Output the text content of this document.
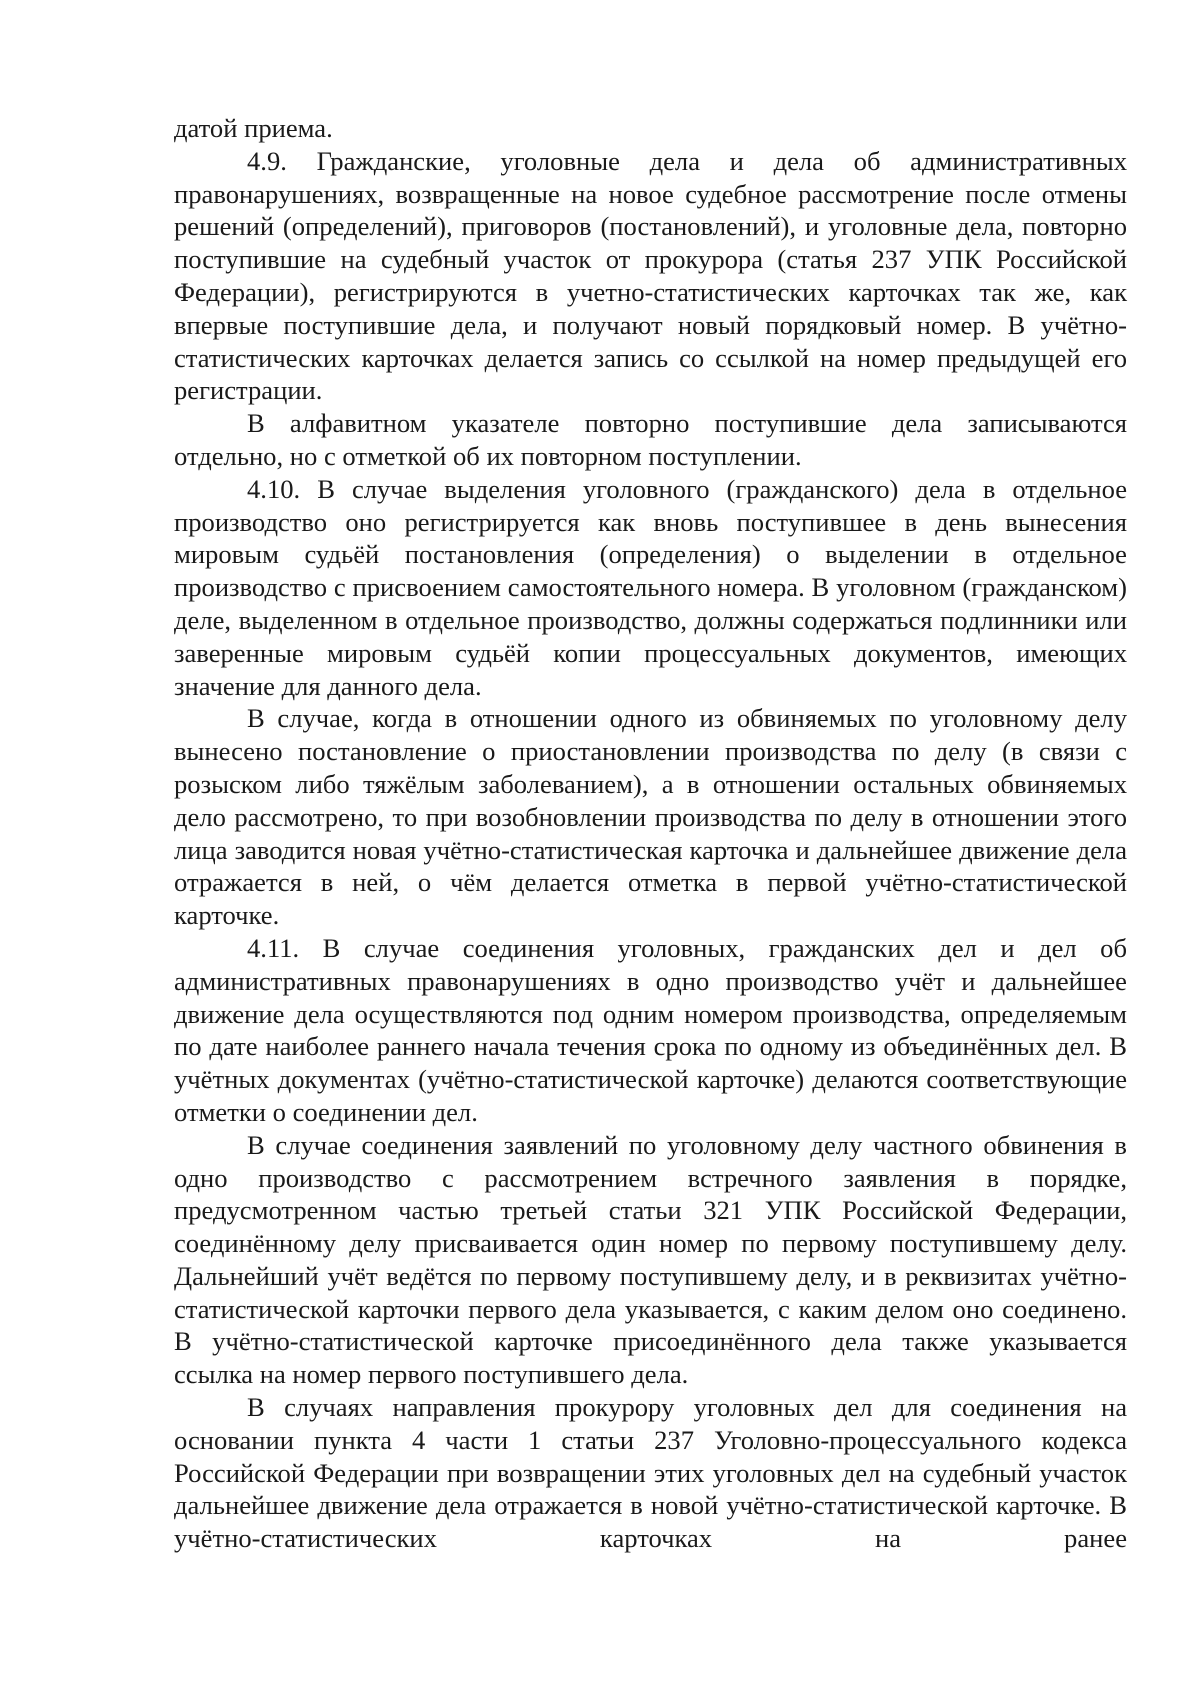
датой приема.

4.9. Гражданские, уголовные дела и дела об административных правонарушениях, возвращенные на новое судебное рассмотрение после отмены решений (определений), приговоров (постановлений), и уголовные дела, повторно поступившие на судебный участок от прокурора (статья 237 УПК Российской Федерации), регистрируются в учетно-статистических карточках так же, как впервые поступившие дела, и получают новый порядковый номер. В учётно-статистических карточках делается запись со ссылкой на номер предыдущей его регистрации.

В алфавитном указателе повторно поступившие дела записываются отдельно, но с отметкой об их повторном поступлении.

4.10. В случае выделения уголовного (гражданского) дела в отдельное производство оно регистрируется как вновь поступившее в день вынесения мировым судьёй постановления (определения) о выделении в отдельное производство с присвоением самостоятельного номера. В уголовном (гражданском) деле, выделенном в отдельное производство, должны содержаться подлинники или заверенные мировым судьёй копии процессуальных документов, имеющих значение для данного дела.

В случае, когда в отношении одного из обвиняемых по уголовному делу вынесено постановление о приостановлении производства по делу (в связи с розыском либо тяжёлым заболеванием), а в отношении остальных обвиняемых дело рассмотрено, то при возобновлении производства по делу в отношении этого лица заводится новая учётно-статистическая карточка и дальнейшее движение дела отражается в ней, о чём делается отметка в первой учётно-статистической карточке.

4.11. В случае соединения уголовных, гражданских дел и дел об административных правонарушениях в одно производство учёт и дальнейшее движение дела осуществляются под одним номером производства, определяемым по дате наиболее раннего начала течения срока по одному из объединённых дел. В учётных документах (учётно-статистической карточке) делаются соответствующие отметки о соединении дел.

В случае соединения заявлений по уголовному делу частного обвинения в одно производство с рассмотрением встречного заявления в порядке, предусмотренном частью третьей статьи 321 УПК Российской Федерации, соединённому делу присваивается один номер по первому поступившему делу. Дальнейший учёт ведётся по первому поступившему делу, и в реквизитах учётно-статистической карточки первого дела указывается, с каким делом оно соединено. В учётно-статистической карточке присоединённого дела также указывается ссылка на номер первого поступившего дела.

В случаях направления прокурору уголовных дел для соединения на основании пункта 4 части 1 статьи 237 Уголовно-процессуального кодекса Российской Федерации при возвращении этих уголовных дел на судебный участок дальнейшее движение дела отражается в новой учётно-статистической карточке. В учётно-статистических карточках на ранее
